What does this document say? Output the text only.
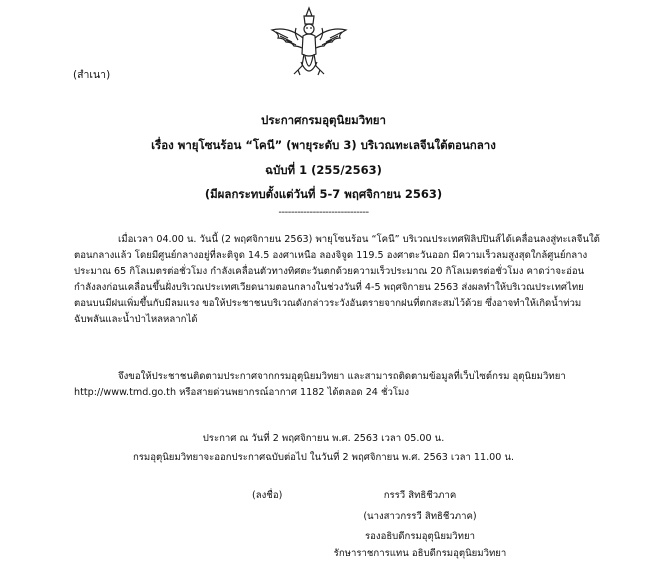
(สำเนา)
ประกาศกรมอุตุนิยมวิทยา
เรื่อง พายุโซนร้อน “โคนี” (พายุระดับ 3) บริเวณทะเลจีนใต้ตอนกลาง
ฉบับที่ 1 (255/2563)
(มีผลกระทบตั้งแต่วันที่ 5-7 พฤศจิกายน 2563)
-----------------------------
เมื่อเวลา 04.00 น. วันนี้ (2 พฤศจิกายน 2563) พายุโซนร้อน “โคนี” บริเวณประเทศฟิลิปปินส์ได้เคลื่อนลงสู่ทะเลจีนใต้
ตอนกลางแล้ว โดยมีศูนย์กลางอยู่ที่ละติจูด 14.5 องศาเหนือ ลองจิจูด 119.5 องศาตะวันออก มีความเร็วลมสูงสุดใกล้ศูนย์กลาง
ประมาณ 65 กิโลเมตรต่อชั่วโมง กำลังเคลื่อนตัวทางทิศตะวันตกด้วยความเร็วประมาณ 20 กิโลเมตรต่อชั่วโมง คาดว่าจะอ่อน
กำลังลงก่อนเคลื่อนขึ้นฝั่งบริเวณประเทศเวียดนามตอนกลางในช่วงวันที่ 4-5 พฤศจิกายน 2563 ส่งผลทำให้บริเวณประเทศไทย
ตอนบนมีฝนเพิ่มขึ้นกับมีลมแรง ขอให้ประชาชนบริเวณดังกล่าวระวังอันตรายจากฝนที่ตกสะสมไว้ด้วย ซึ่งอาจทำให้เกิดน้ำท่วม
ฉับพลันและน้ำป่าไหลหลากได้
จึงขอให้ประชาชนติดตามประกาศจากกรมอุตุนิยมวิทยา และสามารถติดตามข้อมูลที่เว็บไซต์กรม อุตุนิยมวิทยา
http://www.tmd.go.th หรือสายด่วนพยากรณ์อากาศ 1182 ได้ตลอด 24 ชั่วโมง
ประกาศ ณ วันที่ 2 พฤศจิกายน พ.ศ. 2563 เวลา 05.00 น.
กรมอุตุนิยมวิทยาจะออกประกาศฉบับต่อไป ในวันที่ 2 พฤศจิกายน พ.ศ. 2563 เวลา 11.00 น.
(ลงชื่อ)	กรรวี สิทธิชีวภาค
(นางสาวกรรวี สิทธิชีวภาค)
รองอธิบดีกรมอุตุนิยมวิทยา
รักษาราชการแทน อธิบดีกรมอุตุนิยมวิทยา
